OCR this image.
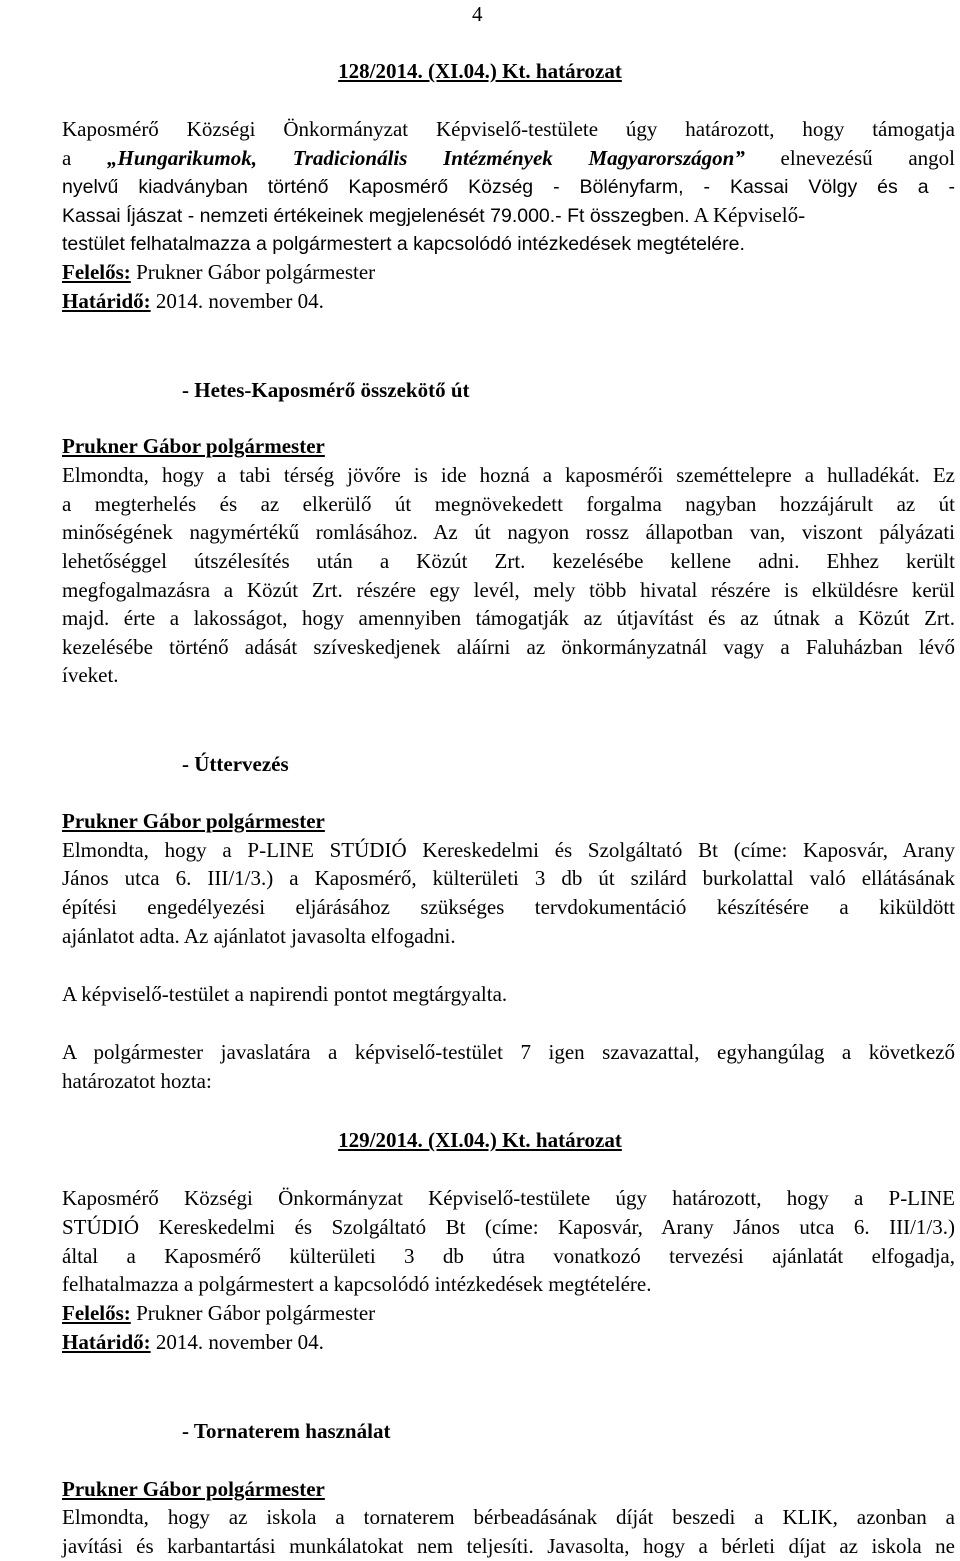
4
128/2014. (XI.04.) Kt. határozat
Kaposmérő Községi Önkormányzat Képviselő-testülete úgy határozott, hogy támogatja
a „Hungarikumok, Tradicionális Intézmények Magyarországon” elnevezésű angol
nyelvű kiadványban történő Kaposmérő Község - Bölényfarm, - Kassai Völgy és a -
Kassai Íjászat - nemzeti értékeinek megjelenését 79.000.- Ft összegben. A Képviselő-
testület felhatalmazza a polgármestert a kapcsolódó intézkedések megtételére.
Felelős: Prukner Gábor polgármester
Határidő: 2014. november 04.
- Hetes-Kaposmérő összekötő út
Prukner Gábor polgármester
Elmondta, hogy a tabi térség jövőre is ide hozná a kaposmérői szeméttelepre a hulladékát. Ez
a megterhelés és az elkerülő út megnövekedett forgalma nagyban hozzájárult az út
minőségének nagymértékű romlásához. Az út nagyon rossz állapotban van, viszont pályázati
lehetőséggel útszélesítés után a Közút Zrt. kezelésébe kellene adni. Ehhez került
megfogalmazásra a Közút Zrt. részére egy levél, mely több hivatal részére is elküldésre kerül
majd. érte a lakosságot, hogy amennyiben támogatják az útjavítást és az útnak a Közút Zrt.
kezelésébe történő adását szíveskedjenek aláírni az önkormányzatnál vagy a Faluházban lévő
íveket.
- Úttervezés
Prukner Gábor polgármester
Elmondta, hogy a P-LINE STÚDIÓ Kereskedelmi és Szolgáltató Bt (címe: Kaposvár, Arany
János utca 6. III/1/3.) a Kaposmérő, külterületi 3 db út szilárd burkolattal való ellátásának
építési engedélyezési eljárásához szükséges tervdokumentáció készítésére a kiküldött
ajánlatot adta. Az ajánlatot javasolta elfogadni.
A képviselő-testület a napirendi pontot megtárgyalta.
A polgármester javaslatára a képviselő-testület 7 igen szavazattal, egyhangúlag a következő
határozatot hozta:
129/2014. (XI.04.) Kt. határozat
Kaposmérő Községi Önkormányzat Képviselő-testülete úgy határozott, hogy a P-LINE
STÚDIÓ Kereskedelmi és Szolgáltató Bt (címe: Kaposvár, Arany János utca 6. III/1/3.)
által a Kaposmérő külterületi 3 db útra vonatkozó tervezési ajánlatát elfogadja,
felhatalmazza a polgármestert a kapcsolódó intézkedések megtételére.
Felelős: Prukner Gábor polgármester
Határidő: 2014. november 04.
- Tornaterem használat
Prukner Gábor polgármester
Elmondta, hogy az iskola a tornaterem bérbeadásának díját beszedi a KLIK, azonban a
javítási és karbantartási munkálatokat nem teljesíti. Javasolta, hogy a bérleti díjat az iskola ne
